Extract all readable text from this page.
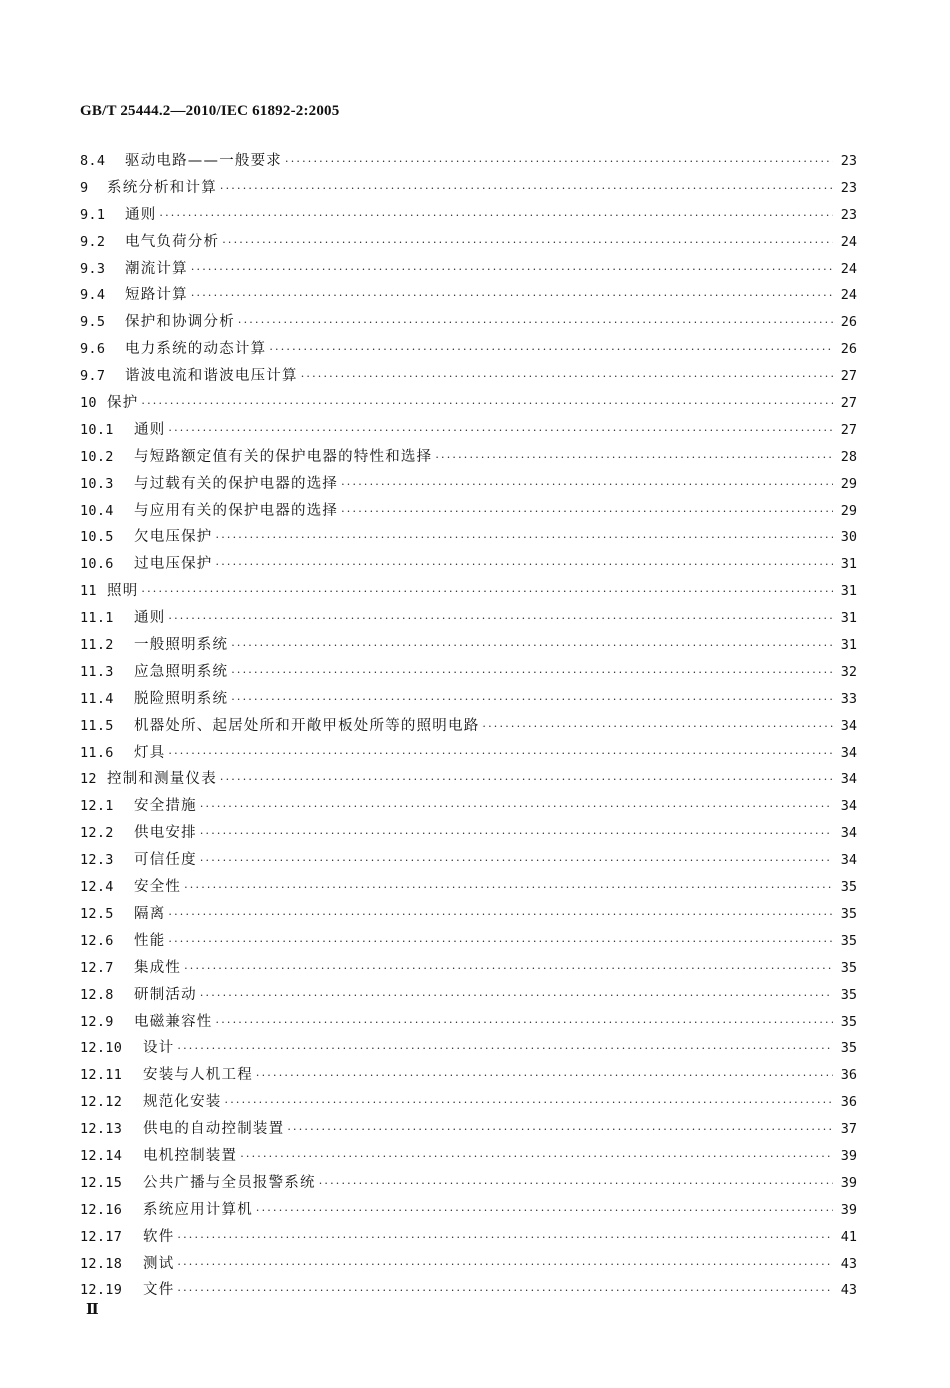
GB/T 25444.2—2010/IEC 61892-2:2005
8.4	驱动电路——一般要求 ·····	23
9	系统分析和计算 ·····	23
9.1	通则 ·····	23
9.2	电气负荷分析 ·····	24
9.3	潮流计算 ·····	24
9.4	短路计算 ·····	24
9.5	保护和协调分析 ·····	26
9.6	电力系统的动态计算 ·····	26
9.7	谐波电流和谐波电压计算 ·····	27
10 保护 ·····	27
10.1	通则 ·····	27
10.2	与短路额定值有关的保护电器的特性和选择 ·····	28
10.3	与过载有关的保护电器的选择 ·····	29
10.4	与应用有关的保护电器的选择 ·····	29
10.5	欠电压保护 ·····	30
10.6	过电压保护 ·····	31
11 照明 ·····	31
11.1	通则 ·····	31
11.2	一般照明系统 ·····	31
11.3	应急照明系统 ·····	32
11.4	脱险照明系统 ·····	33
11.5	机器处所、起居处所和开敞甲板处所等的照明电路 ·····	34
11.6	灯具 ·····	34
12 控制和测量仪表 ·····	34
12.1	安全措施 ·····	34
12.2	供电安排 ·····	34
12.3	可信任度 ·····	34
12.4	安全性 ·····	35
12.5	隔离 ·····	35
12.6	性能 ·····	35
12.7	集成性 ·····	35
12.8	研制活动 ·····	35
12.9	电磁兼容性 ·····	35
12.10	设计 ·····	35
12.11	安装与人机工程 ·····	36
12.12	规范化安装 ·····	36
12.13	供电的自动控制装置 ·····	37
12.14	电机控制装置 ·····	39
12.15	公共广播与全员报警系统 ·····	39
12.16	系统应用计算机 ·····	39
12.17	软件 ·····	41
12.18	测试 ·····	43
12.19	文件 ·····	43
Ⅱ
